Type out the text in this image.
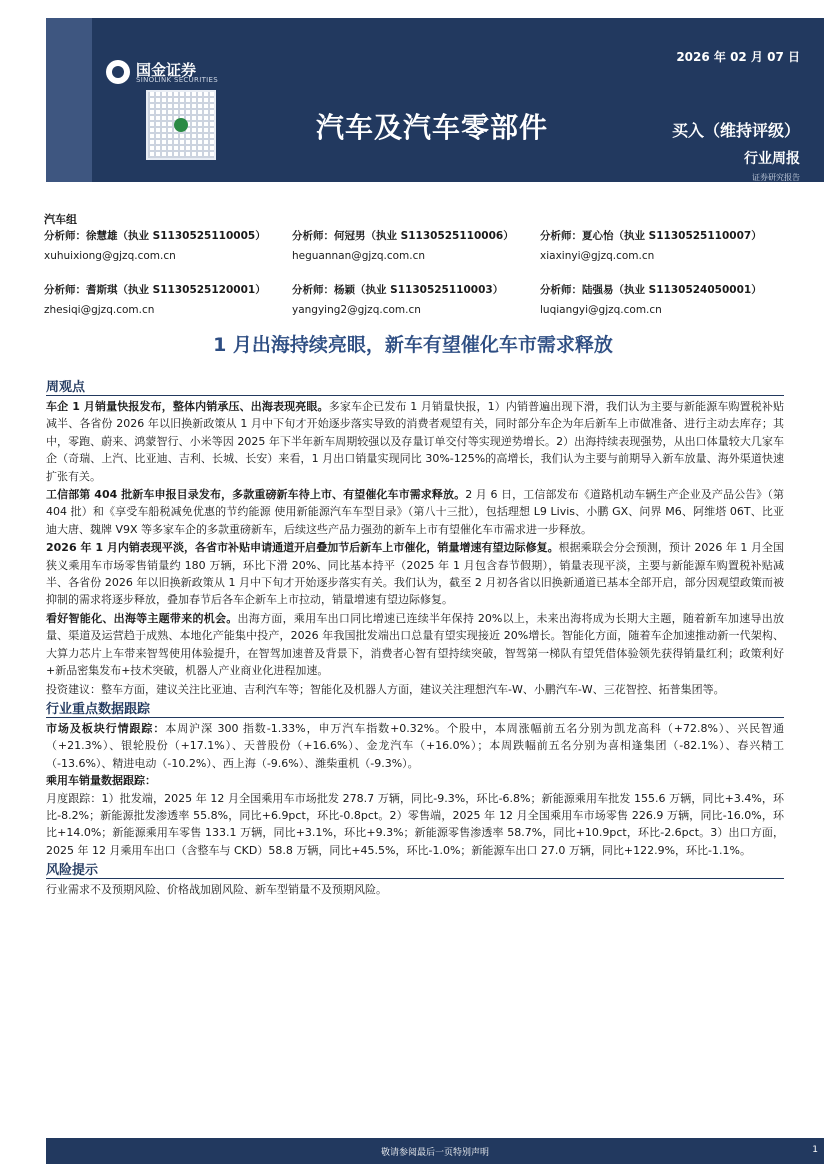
国金证券
SINOLINK SECURITIES
汽车及汽车零部件
2026 年 02 月 07 日
买入（维持评级）
行业周报
证券研究报告
汽车组
分析师：徐慧雄（执业 S1130525110005）	分析师：何冠男（执业 S1130525110006）	分析师：夏心怡（执业 S1130525110007）
xuhuixiong@gjzq.com.cn	heguannan@gjzq.com.cn	xiaxinyi@gjzq.com.cn
分析师：耆斯琪（执业 S1130525120001）	分析师：杨颖（执业 S1130525110003）	分析师：陆强易（执业 S1130524050001）
zhesiqi@gjzq.com.cn	yangying2@gjzq.com.cn	luqiangyi@gjzq.com.cn
1 月出海持续亮眼，新车有望催化车市需求释放
周观点

车企 1 月销量快报发布，整体内销承压、出海表现亮眼。多家车企已发布 1 月销量快报，1）内销普遍出现下滑，我们认为主要与新能源车购置税补贴减半、各省份 2026 年以旧换新政策从 1 月中下旬才开始逐步落实导致的消费者观望有关，同时部分车企为年后新车上市做准备、进行主动去库存；其中，零跑、蔚来、鸿蒙智行、小米等因 2025 年下半年新车周期较强以及存量订单交付等实现逆势增长。2）出海持续表现强势，从出口体量较大几家车企（奇瑞、上汽、比亚迪、吉利、长城、长安）来看，1 月出口销量实现同比 30%-125%的高增长，我们认为主要与前期导入新车放量、海外渠道快速扩张有关。

工信部第 404 批新车申报目录发布，多款重磅新车待上市、有望催化车市需求释放。2 月 6 日，工信部发布《道路机动车辆生产企业及产品公告》（第 404 批）和《享受车船税减免优惠的节约能源 使用新能源汽车车型目录》（第八十三批），包括理想 L9 Livis、小鹏 GX、问界 M6、阿维塔 06T、比亚迪大唐、魏牌 V9X 等多家车企的多款重磅新车，后续这些产品力强劲的新车上市有望催化车市需求进一步释放。

2026 年 1 月内销表现平淡，各省市补贴申请通道开启叠加节后新车上市催化，销量增速有望边际修复。根据乘联会分会预测，预计 2026 年 1 月全国狭义乘用车市场零售销量约 180 万辆，环比下滑 20%、同比基本持平（2025 年 1 月包含春节假期），销量表现平淡，主要与新能源车购置税补贴减半、各省份 2026 年以旧换新政策从 1 月中下旬才开始逐步落实有关。我们认为，截至 2 月初各省以旧换新通道已基本全部开启，部分因观望政策而被抑制的需求将逐步释放，叠加春节后各车企新车上市拉动，销量增速有望边际修复。

看好智能化、出海等主题带来的机会。出海方面，乘用车出口同比增速已连续半年保持 20%以上，未来出海将成为长期大主题，随着新车加速导出放量、渠道及运营趋于成熟、本地化产能集中投产，2026 年我国批发端出口总量有望实现接近 20%增长。智能化方面，随着车企加速推动新一代架构、大算力芯片上车带来智驾使用体验提升，在智驾加速普及背景下，消费者心智有望持续突破，智驾第一梯队有望凭借体验领先获得销量红利；政策利好+新品密集发布+技术突破，机器人产业商业化进程加速。

投资建议：整车方面，建议关注比亚迪、吉利汽车等；智能化及机器人方面，建议关注理想汽车-W、小鹏汽车-W、三花智控、拓普集团等。

行业重点数据跟踪

市场及板块行情跟踪：本周沪深 300 指数-1.33%，申万汽车指数+0.32%。个股中，本周涨幅前五名分别为凯龙高科（+72.8%）、兴民智通（+21.3%）、银轮股份（+17.1%）、天普股份（+16.6%）、金龙汽车（+16.0%）；本周跌幅前五名分别为喜相逢集团（-82.1%）、春兴精工（-13.6%）、精进电动（-10.2%）、西上海（-9.6%）、潍柴重机（-9.3%）。

乘用车销量数据跟踪：

月度跟踪：1）批发端，2025 年 12 月全国乘用车市场批发 278.7 万辆，同比-9.3%，环比-6.8%；新能源乘用车批发 155.6 万辆，同比+3.4%，环比-8.2%；新能源批发渗透率 55.8%，同比+6.9pct，环比-0.8pct。2）零售端，2025 年 12 月全国乘用车市场零售 226.9 万辆，同比-16.0%，环比+14.0%；新能源乘用车零售 133.1 万辆，同比+3.1%，环比+9.3%；新能源零售渗透率 58.7%，同比+10.9pct，环比-2.6pct。3）出口方面，2025 年 12 月乘用车出口（含整车与 CKD）58.8 万辆，同比+45.5%，环比-1.0%；新能源车出口 27.0 万辆，同比+122.9%，环比-1.1%。

风险提示

行业需求不及预期风险、价格战加剧风险、新车型销量不及预期风险。

敬请参阅最后一页特别声明	1
